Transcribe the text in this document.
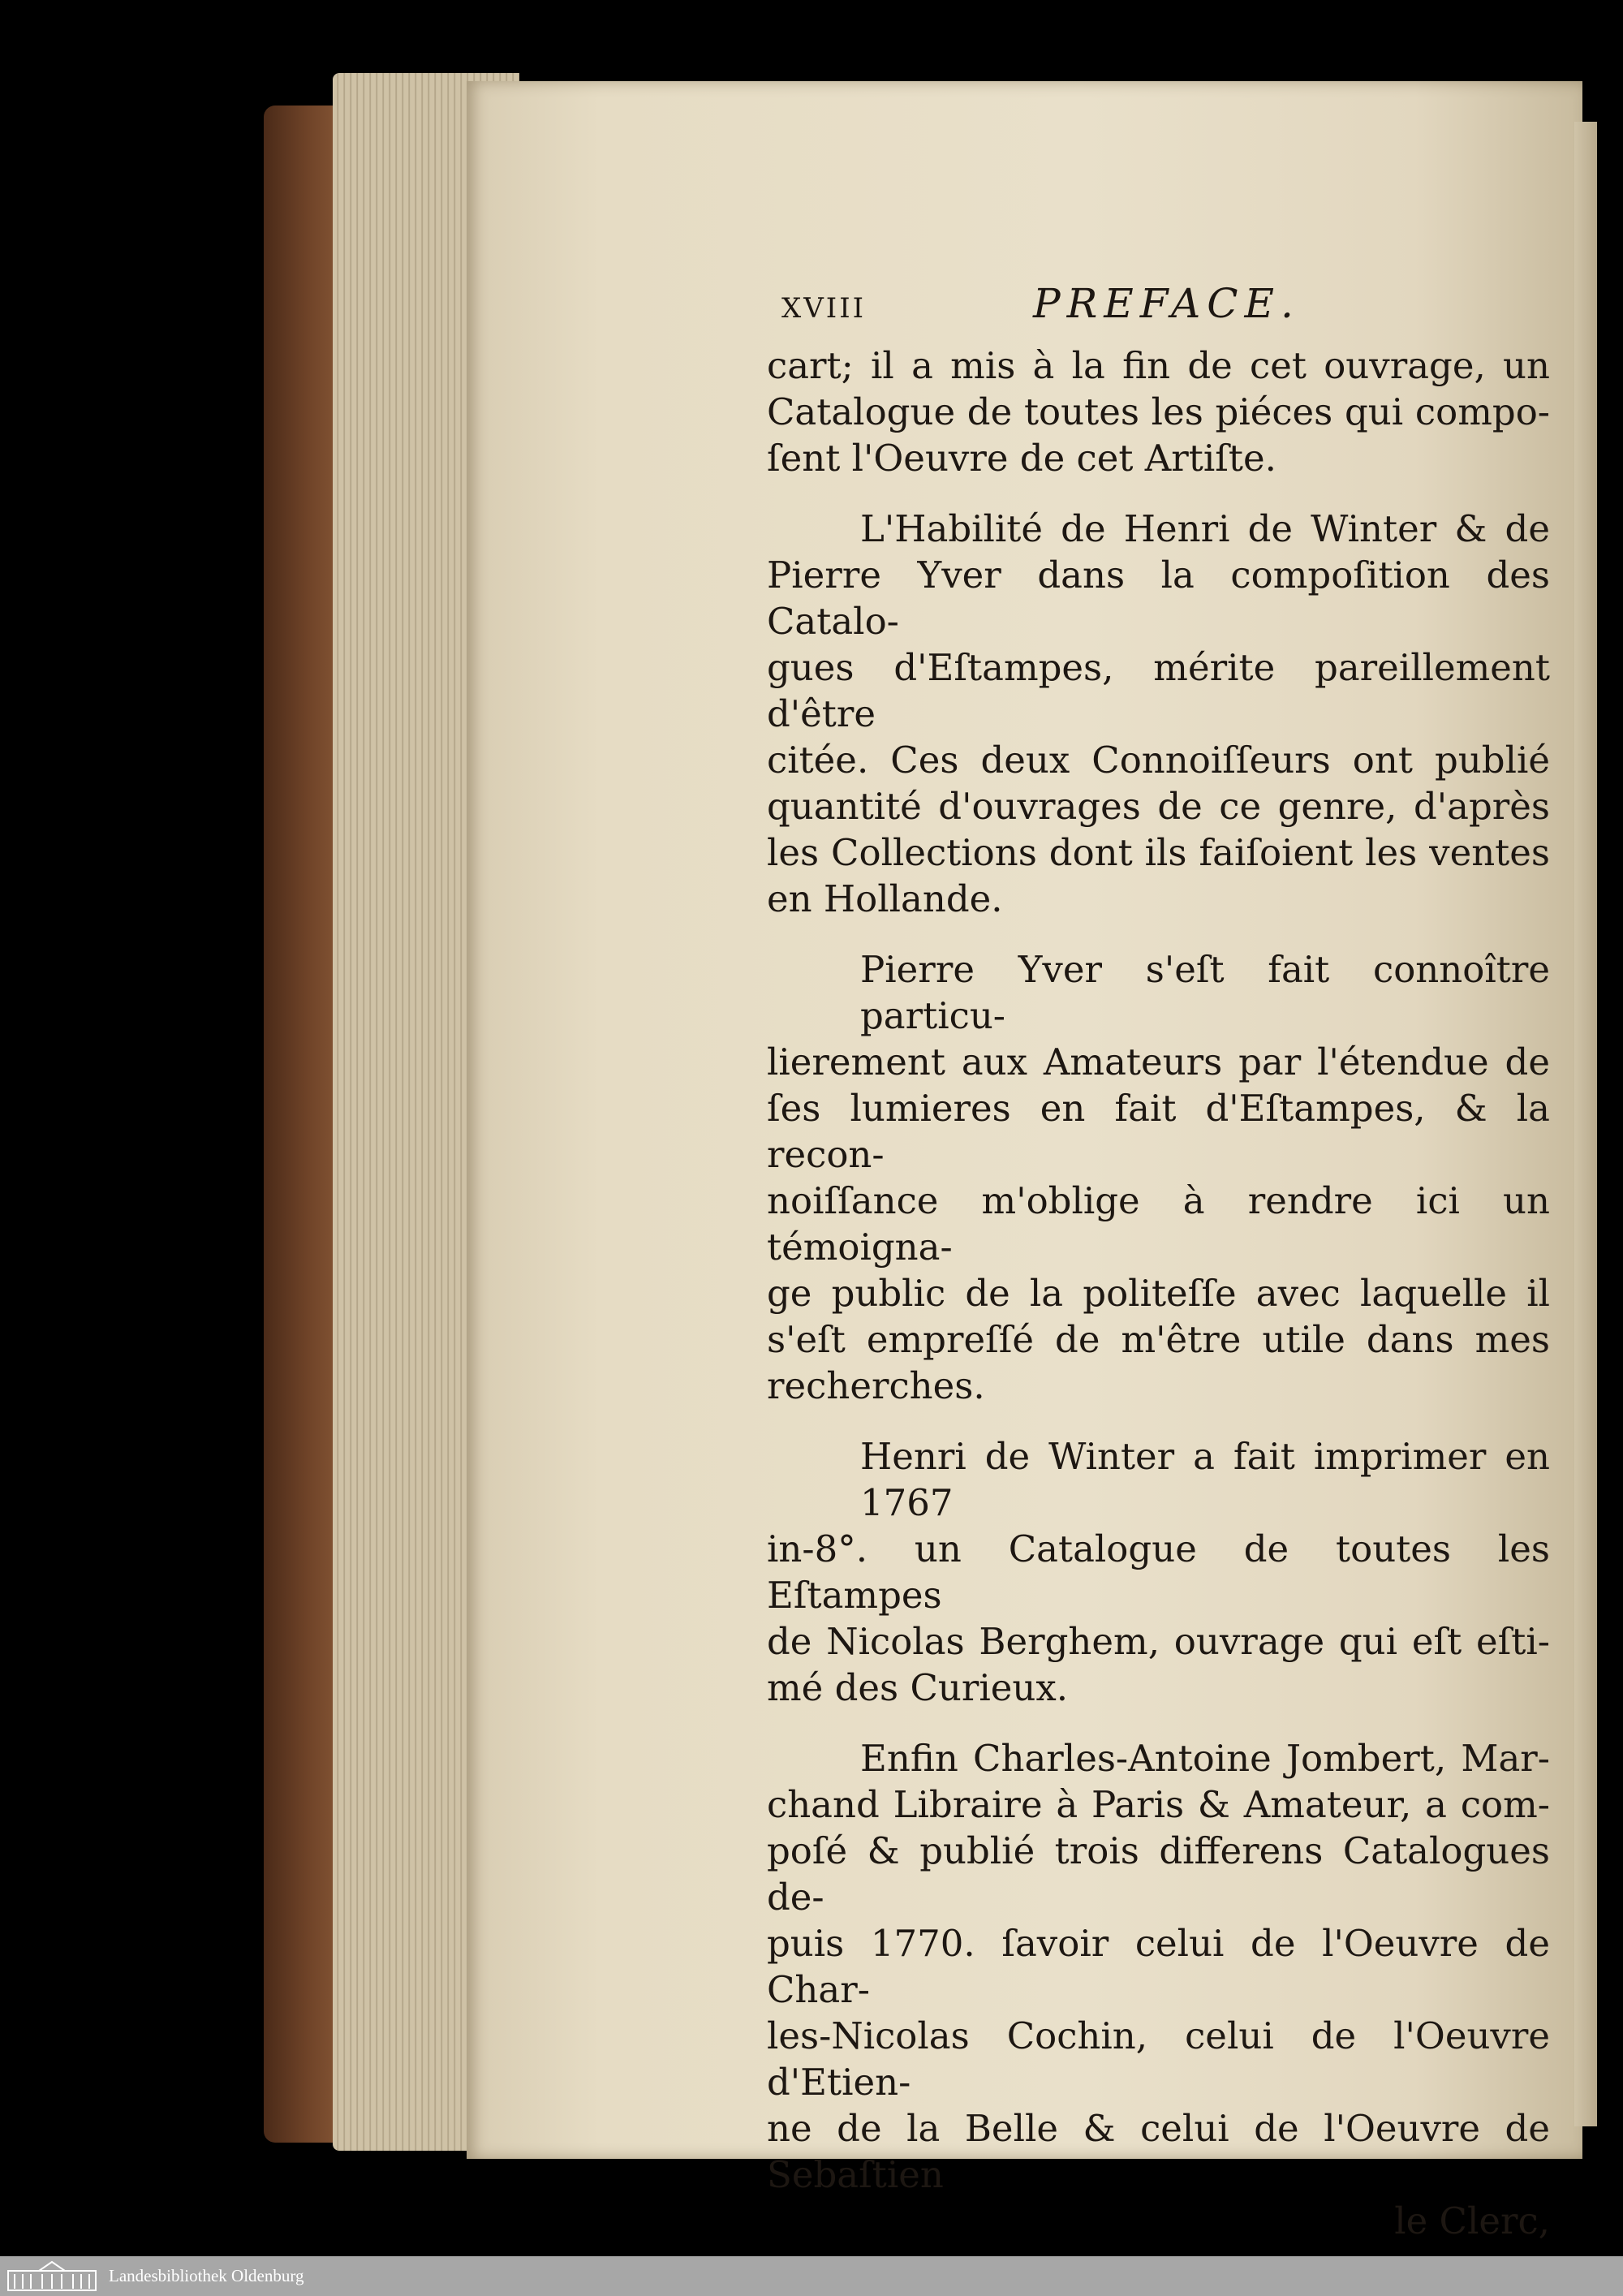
XVIII	PREFACE.
cart; il a mis à la fin de cet ouvrage, un
Catalogue de toutes les piéces qui compo-
ſent l'Oeuvre de cet Artiſte.
L'Habilité de Henri de Winter & de
Pierre Yver dans la compoſition des Catalo-
gues d'Eſtampes, mérite pareillement d'être
citée. Ces deux Connoiſſeurs ont publié
quantité d'ouvrages de ce genre, d'après
les Collections dont ils faiſoient les ventes
en Hollande.
Pierre Yver s'eſt fait connoître particu-
lierement aux Amateurs par l'étendue de
ſes lumieres en fait d'Eſtampes, & la recon-
noiſſance m'oblige à rendre ici un témoigna-
ge public de la politeſſe avec laquelle il
s'eſt empreſſé de m'être utile dans mes
recherches.
Henri de Winter a fait imprimer en 1767
in-8°. un Catalogue de toutes les Eſtampes
de Nicolas Berghem, ouvrage qui eſt eſti-
mé des Curieux.
Enfin Charles-Antoine Jombert, Mar-
chand Libraire à Paris & Amateur, a com-
poſé & publié trois differens Catalogues de-
puis 1770. ſavoir celui de l'Oeuvre de Char-
les-Nicolas Cochin, celui de l'Oeuvre d'Etien-
ne de la Belle & celui de l'Oeuvre de Sebaſtien
le Clerc,
Landesbibliothek Oldenburg
